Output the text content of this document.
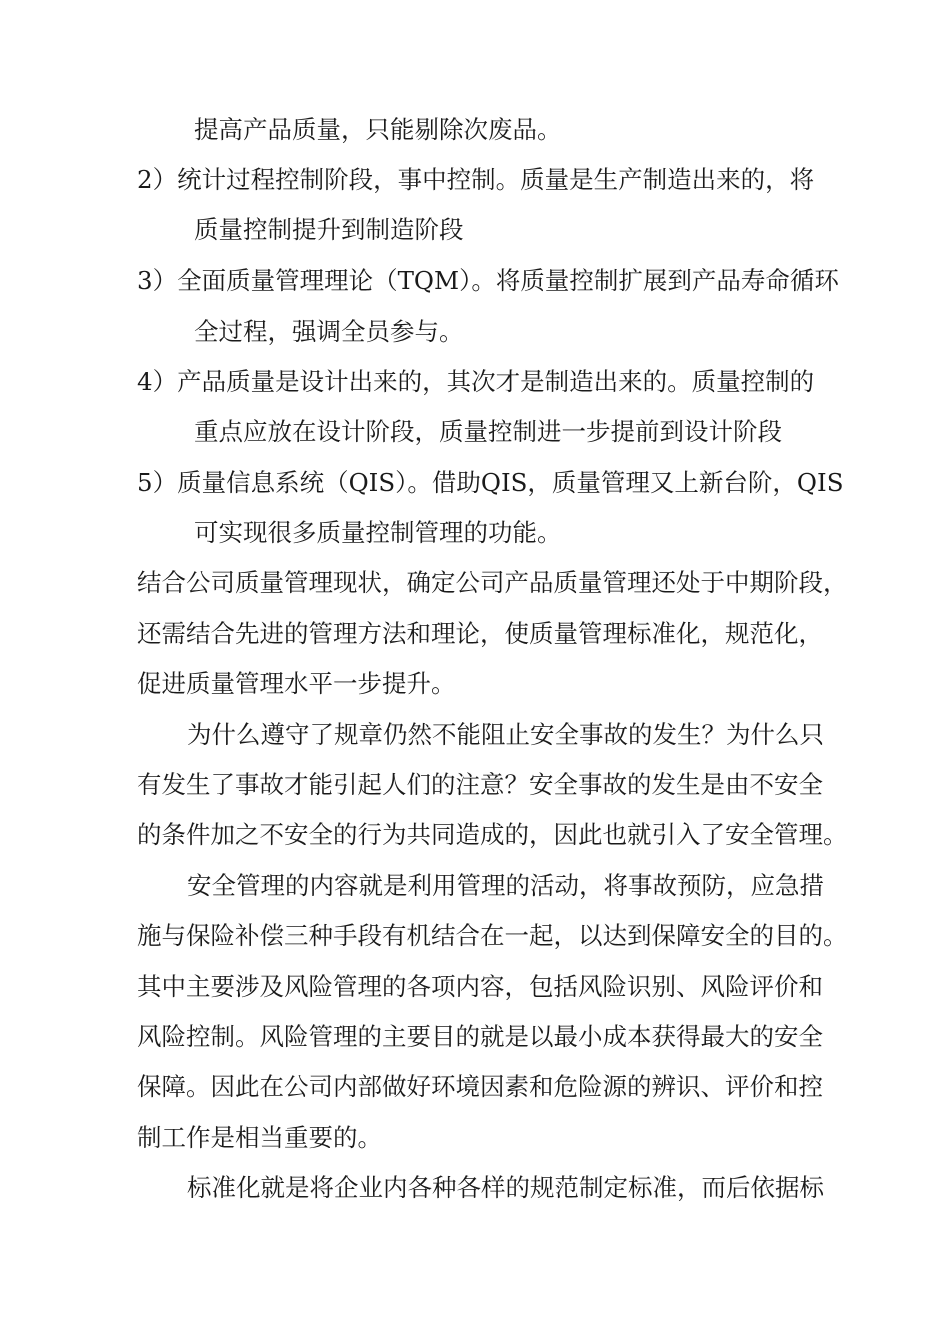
提高产品质量，只能剔除次废品。
2）统计过程控制阶段，事中控制。质量是生产制造出来的，将
质量控制提升到制造阶段
3）全面质量管理理论（TQM）。将质量控制扩展到产品寿命循环
全过程，强调全员参与。
4）产品质量是设计出来的，其次才是制造出来的。质量控制的
重点应放在设计阶段，质量控制进一步提前到设计阶段
5）质量信息系统（QIS）。借助QIS，质量管理又上新台阶，QIS
可实现很多质量控制管理的功能。
结合公司质量管理现状，确定公司产品质量管理还处于中期阶段，
还需结合先进的管理方法和理论，使质量管理标准化，规范化，
促进质量管理水平一步提升。
为什么遵守了规章仍然不能阻止安全事故的发生？为什么只
有发生了事故才能引起人们的注意？安全事故的发生是由不安全
的条件加之不安全的行为共同造成的，因此也就引入了安全管理。
安全管理的内容就是利用管理的活动，将事故预防，应急措
施与保险补偿三种手段有机结合在一起，以达到保障安全的目的。
其中主要涉及风险管理的各项内容，包括风险识别、风险评价和
风险控制。风险管理的主要目的就是以最小成本获得最大的安全
保障。因此在公司内部做好环境因素和危险源的辨识、评价和控
制工作是相当重要的。
标准化就是将企业内各种各样的规范制定标准，而后依据标
